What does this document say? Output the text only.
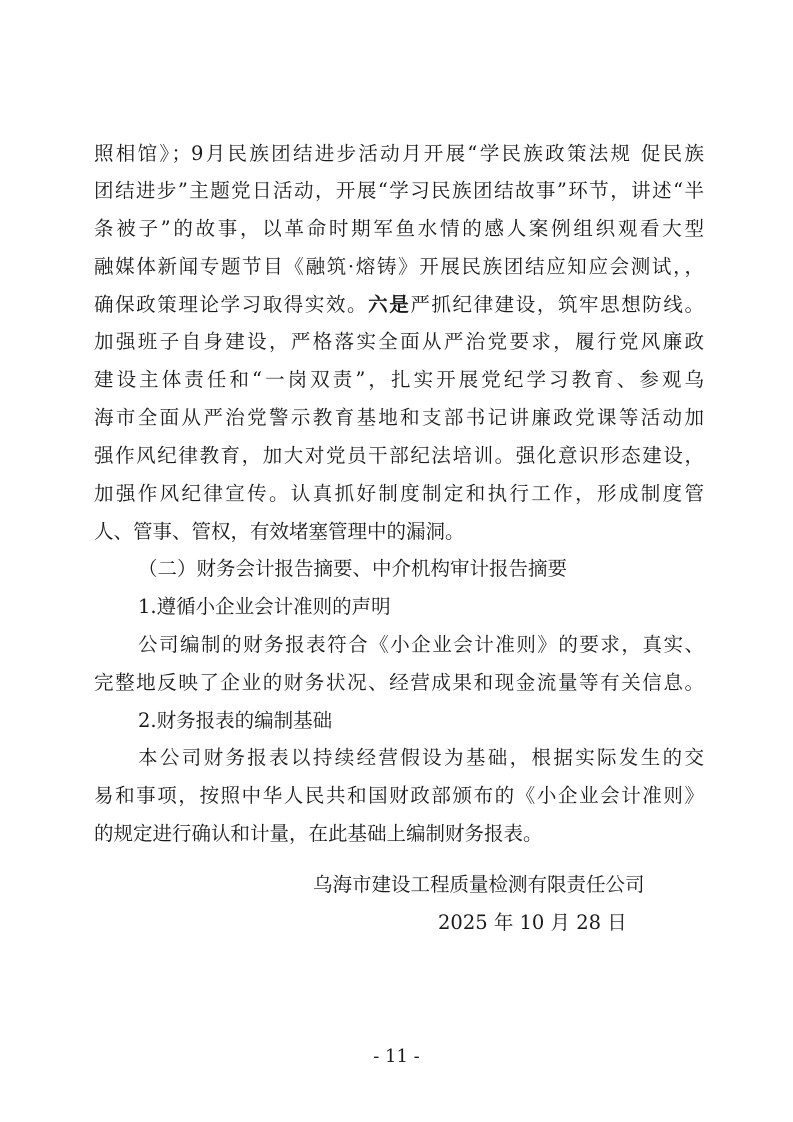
照相馆》；9月民族团结进步活动月开展“学民族政策法规 促民族
团结进步”主题党日活动，开展“学习民族团结故事”环节，讲述“半
条被子”的故事，以革命时期军鱼水情的感人案例组织观看大型
融媒体新闻专题节目《融筑·熔铸》开展民族团结应知应会测试，，
确保政策理论学习取得实效。六是严抓纪律建设，筑牢思想防线。
加强班子自身建设，严格落实全面从严治党要求，履行党风廉政
建设主体责任和“一岗双责”，扎实开展党纪学习教育、参观乌
海市全面从严治党警示教育基地和支部书记讲廉政党课等活动加
强作风纪律教育，加大对党员干部纪法培训。强化意识形态建设，
加强作风纪律宣传。认真抓好制度制定和执行工作，形成制度管
人、管事、管权，有效堵塞管理中的漏洞。
（二）财务会计报告摘要、中介机构审计报告摘要
1.遵循小企业会计准则的声明
公司编制的财务报表符合《小企业会计准则》的要求，真实、
完整地反映了企业的财务状况、经营成果和现金流量等有关信息。
2.财务报表的编制基础
本公司财务报表以持续经营假设为基础，根据实际发生的交
易和事项，按照中华人民共和国财政部颁布的《小企业会计准则》
的规定进行确认和计量，在此基础上编制财务报表。
乌海市建设工程质量检测有限责任公司
2025 年 10 月 28 日
- 11 -
